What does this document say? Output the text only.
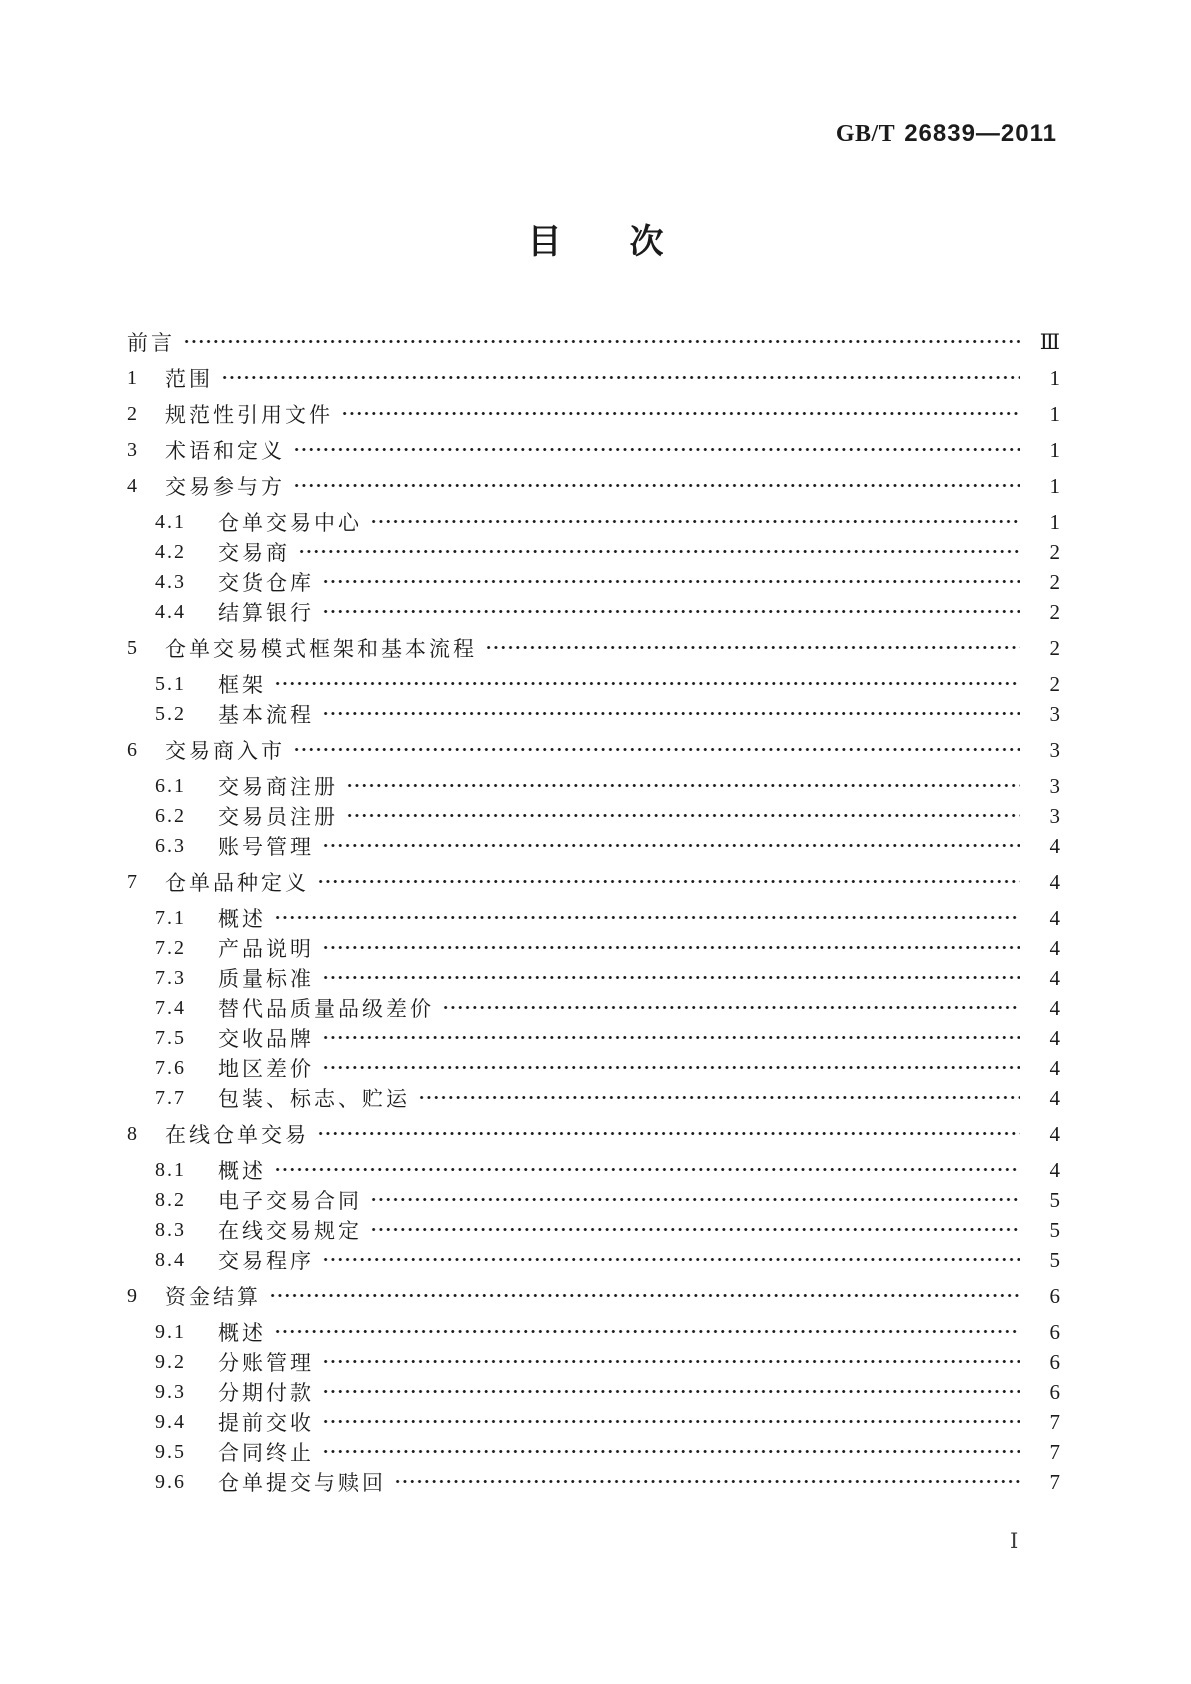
GB/T 26839—2011
目　　次
前言	Ⅲ
1	范围	1
2	规范性引用文件	1
3	术语和定义	1
4	交易参与方	1
4.1	仓单交易中心	1
4.2	交易商	2
4.3	交货仓库	2
4.4	结算银行	2
5	仓单交易模式框架和基本流程	2
5.1	框架	2
5.2	基本流程	3
6	交易商入市	3
6.1	交易商注册	3
6.2	交易员注册	3
6.3	账号管理	4
7	仓单品种定义	4
7.1	概述	4
7.2	产品说明	4
7.3	质量标准	4
7.4	替代品质量品级差价	4
7.5	交收品牌	4
7.6	地区差价	4
7.7	包装、标志、贮运	4
8	在线仓单交易	4
8.1	概述	4
8.2	电子交易合同	5
8.3	在线交易规定	5
8.4	交易程序	5
9	资金结算	6
9.1	概述	6
9.2	分账管理	6
9.3	分期付款	6
9.4	提前交收	7
9.5	合同终止	7
9.6	仓单提交与赎回	7
Ⅰ
